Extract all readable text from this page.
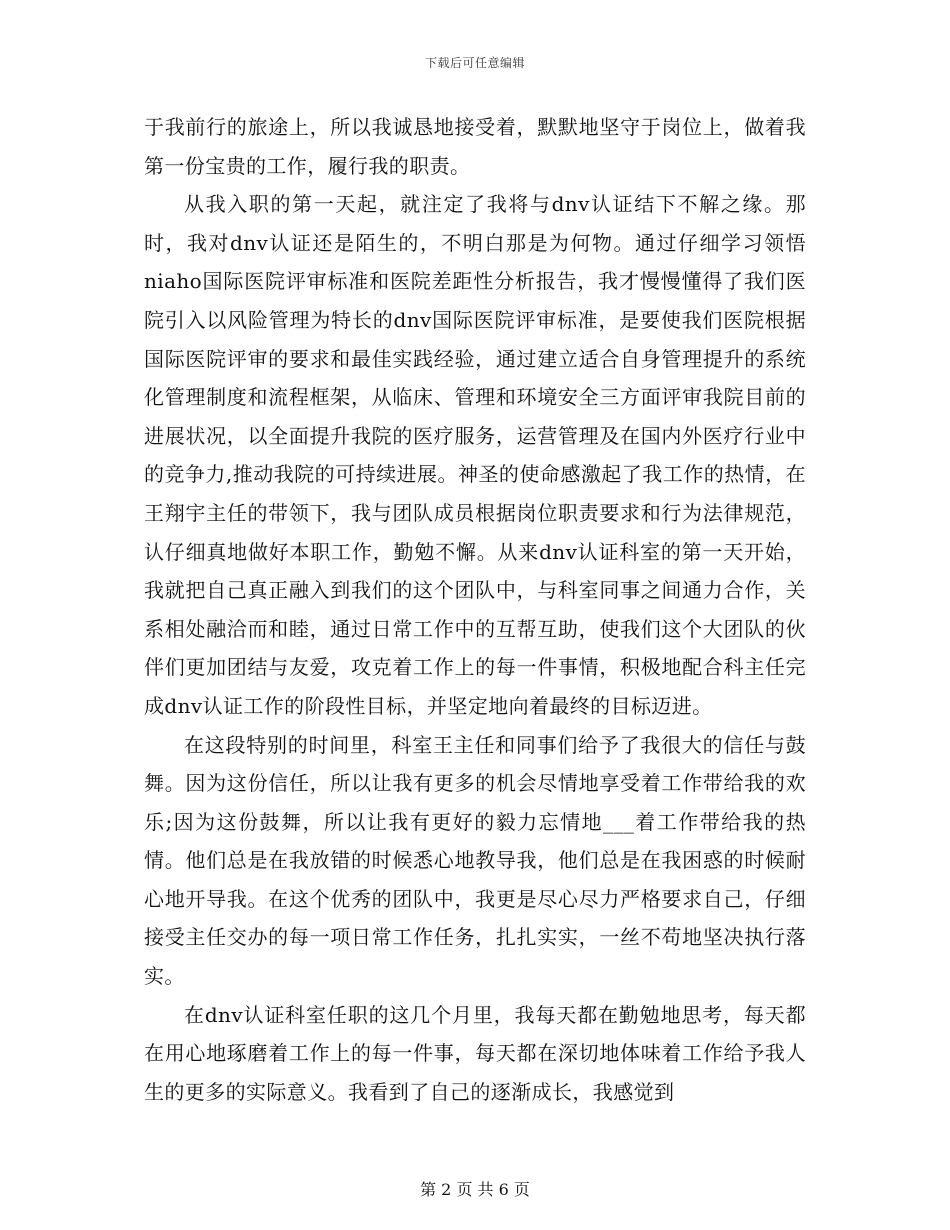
下载后可任意编辑

于我前行的旅途上，所以我诚恳地接受着，默默地坚守于岗位上，做着我第一份宝贵的工作，履行我的职责。

从我入职的第一天起，就注定了我将与dnv认证结下不解之缘。那时，我对dnv认证还是陌生的，不明白那是为何物。通过仔细学习领悟niaho国际医院评审标准和医院差距性分析报告，我才慢慢懂得了我们医院引入以风险管理为特长的dnv国际医院评审标准，是要使我们医院根据国际医院评审的要求和最佳实践经验，通过建立适合自身管理提升的系统化管理制度和流程框架，从临床、管理和环境安全三方面评审我院目前的进展状况，以全面提升我院的医疗服务，运营管理及在国内外医疗行业中的竞争力,推动我院的可持续进展。神圣的使命感激起了我工作的热情，在王翔宇主任的带领下，我与团队成员根据岗位职责要求和行为法律规范，认仔细真地做好本职工作，勤勉不懈。从来dnv认证科室的第一天开始，我就把自己真正融入到我们的这个团队中，与科室同事之间通力合作，关系相处融洽而和睦，通过日常工作中的互帮互助，使我们这个大团队的伙伴们更加团结与友爱，攻克着工作上的每一件事情，积极地配合科主任完成dnv认证工作的阶段性目标，并坚定地向着最终的目标迈进。

在这段特别的时间里，科室王主任和同事们给予了我很大的信任与鼓舞。因为这份信任，所以让我有更多的机会尽情地享受着工作带给我的欢乐;因为这份鼓舞，所以让我有更好的毅力忘情地___着工作带给我的热情。他们总是在我放错的时候悉心地教导我，他们总是在我困惑的时候耐心地开导我。在这个优秀的团队中，我更是尽心尽力严格要求自己，仔细接受主任交办的每一项日常工作任务，扎扎实实，一丝不苟地坚决执行落实。

在dnv认证科室任职的这几个月里，我每天都在勤勉地思考，每天都在用心地琢磨着工作上的每一件事，每天都在深切地体味着工作给予我人生的更多的实际意义。我看到了自己的逐渐成长，我感觉到

第 2 页 共 6 页
